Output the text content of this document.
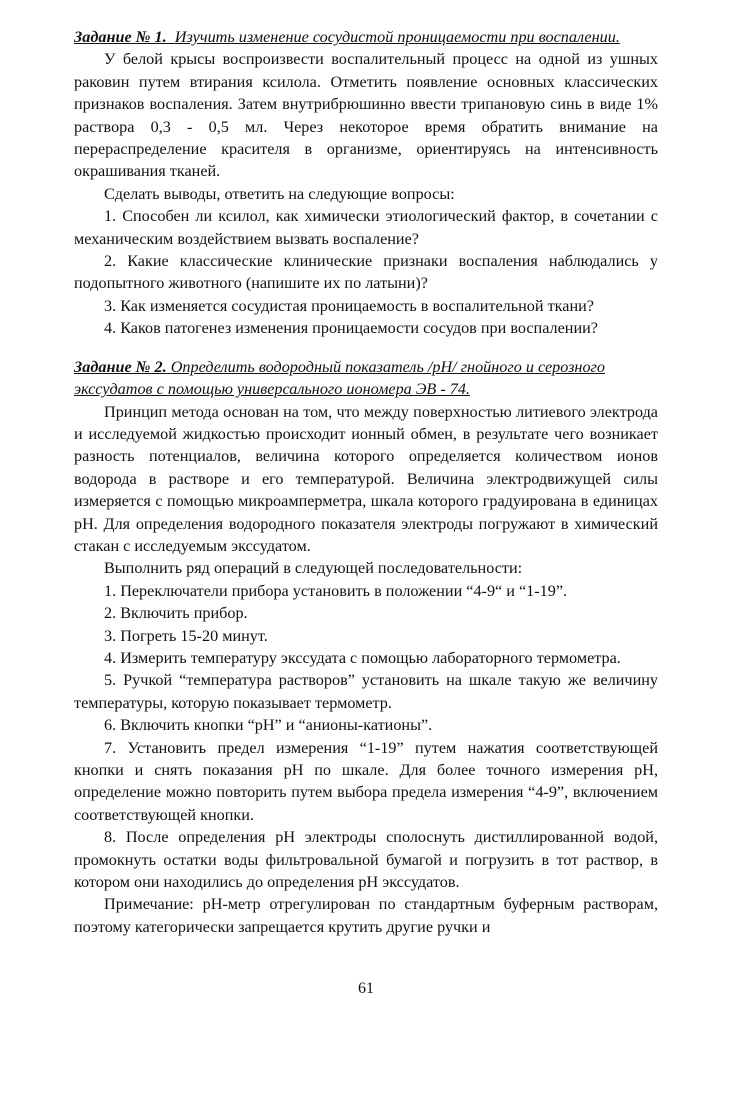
Задание № 1. Изучить изменение сосудистой проницаемости при воспалении.

У белой крысы воспроизвести воспалительный процесс на одной из ушных раковин путем втирания ксилола. Отметить появление основных классических признаков воспаления. Затем внутрибрюшинно ввести трипановую синь в виде 1% раствора 0,3 - 0,5 мл. Через некоторое время обратить внимание на перераспределение красителя в организме, ориентируясь на интенсивность окрашивания тканей.

Сделать выводы, ответить на следующие вопросы:

1. Способен ли ксилол, как химически этиологический фактор, в сочетании с механическим воздействием вызвать воспаление?

2. Какие классические клинические признаки воспаления наблюдались у подопытного животного (напишите их по латыни)?

3. Как изменяется сосудистая проницаемость в воспалительной ткани?

4. Каков патогенез изменения проницаемости сосудов при воспалении?

Задание № 2. Определить водородный показатель /рН/ гнойного и серозного экссудатов с помощью универсального иономера ЭВ - 74.

Принцип метода основан на том, что между поверхностью литиевого электрода и исследуемой жидкостью происходит ионный обмен, в результате чего возникает разность потенциалов, величина которого определяется количеством ионов водорода в растворе и его температурой. Величина электродвижущей силы измеряется с помощью микроамперметра, шкала которого градуирована в единицах рН. Для определения водородного показателя электроды погружают в химический стакан с исследуемым экссудатом.

Выполнить ряд операций в следующей последовательности:

1. Переключатели прибора установить в положении “4-9“ и “1-19”.

2. Включить прибор.

3. Погреть 15-20 минут.

4. Измерить температуру экссудата с помощью лабораторного термометра.

5. Ручкой “температура растворов” установить на шкале такую же величину температуры, которую показывает термометр.

6. Включить кнопки “рН” и “анионы-катионы”.

7. Установить предел измерения “1-19” путем нажатия соответствующей кнопки и снять показания рН по шкале. Для более точного измерения рН, определение можно повторить путем выбора предела измерения “4-9”, включением соответствующей кнопки.

8. После определения рН электроды сполоснуть дистиллированной водой, промокнуть остатки воды фильтровальной бумагой и погрузить в тот раствор, в котором они находились до определения рН экссудатов.

Примечание: рН-метр отрегулирован по стандартным буферным растворам, поэтому категорически запрещается крутить другие ручки и

61
